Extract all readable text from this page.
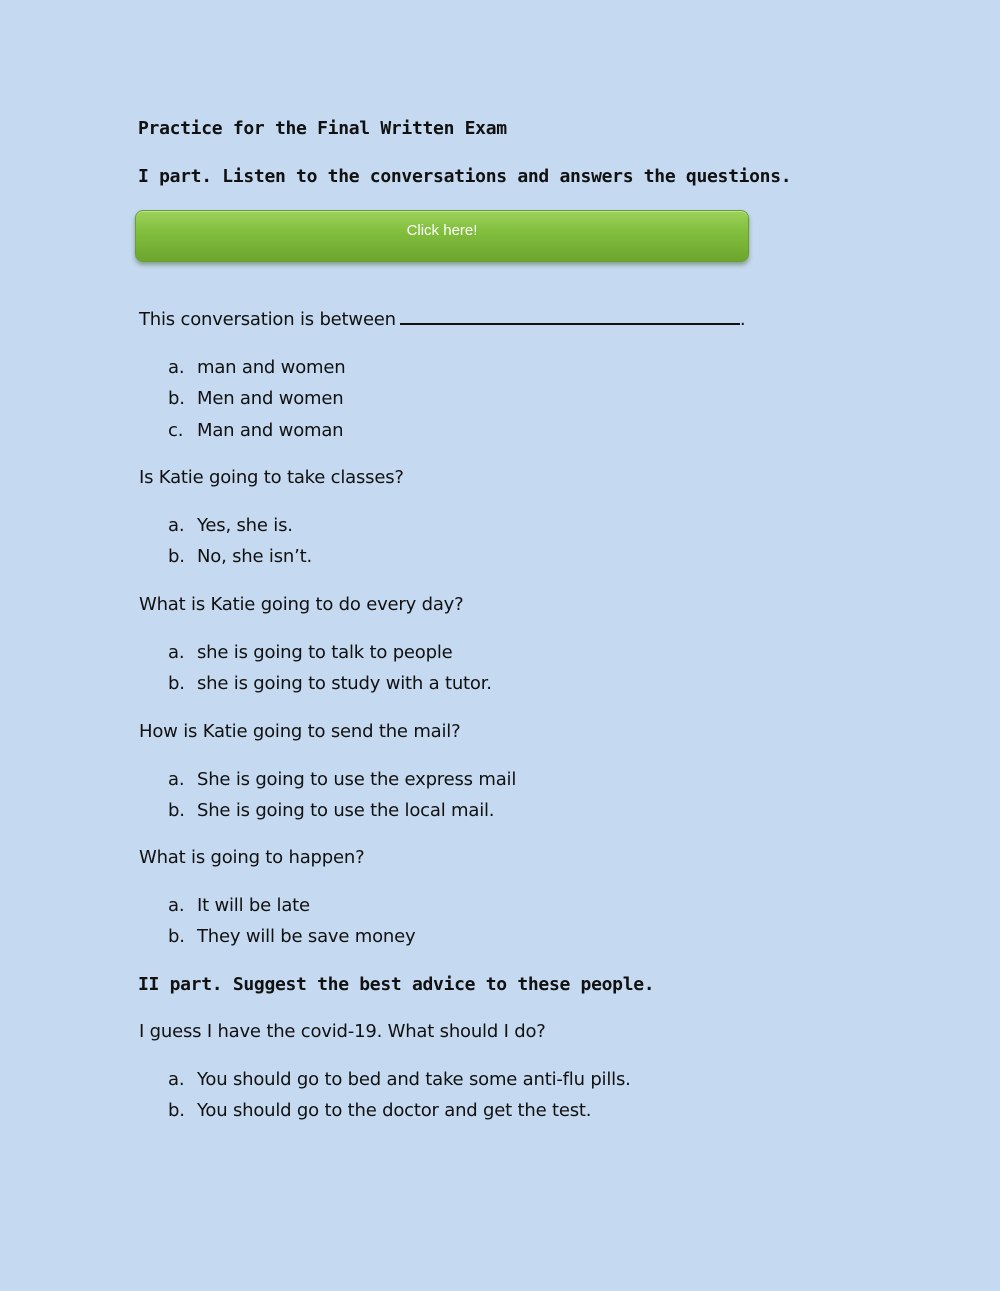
Practice for the Final Written Exam
I part. Listen to the conversations and answers the questions.
Click here!
This conversation is between	.
a. man and women
b. Men and women
c. Man and woman
Is Katie going to take classes?
a. Yes, she is.
b. No, she isn’t.
What is Katie going to do every day?
a. she is going to talk to people
b. she is going to study with a tutor.
How is Katie going to send the mail?
a. She is going to use the express mail
b. She is going to use the local mail.
What is going to happen?
a. It will be late
b. They will be save money
II part. Suggest the best advice to these people.
I guess I have the covid-19. What should I do?
a. You should go to bed and take some anti-flu pills.
b. You should go to the doctor and get the test.
